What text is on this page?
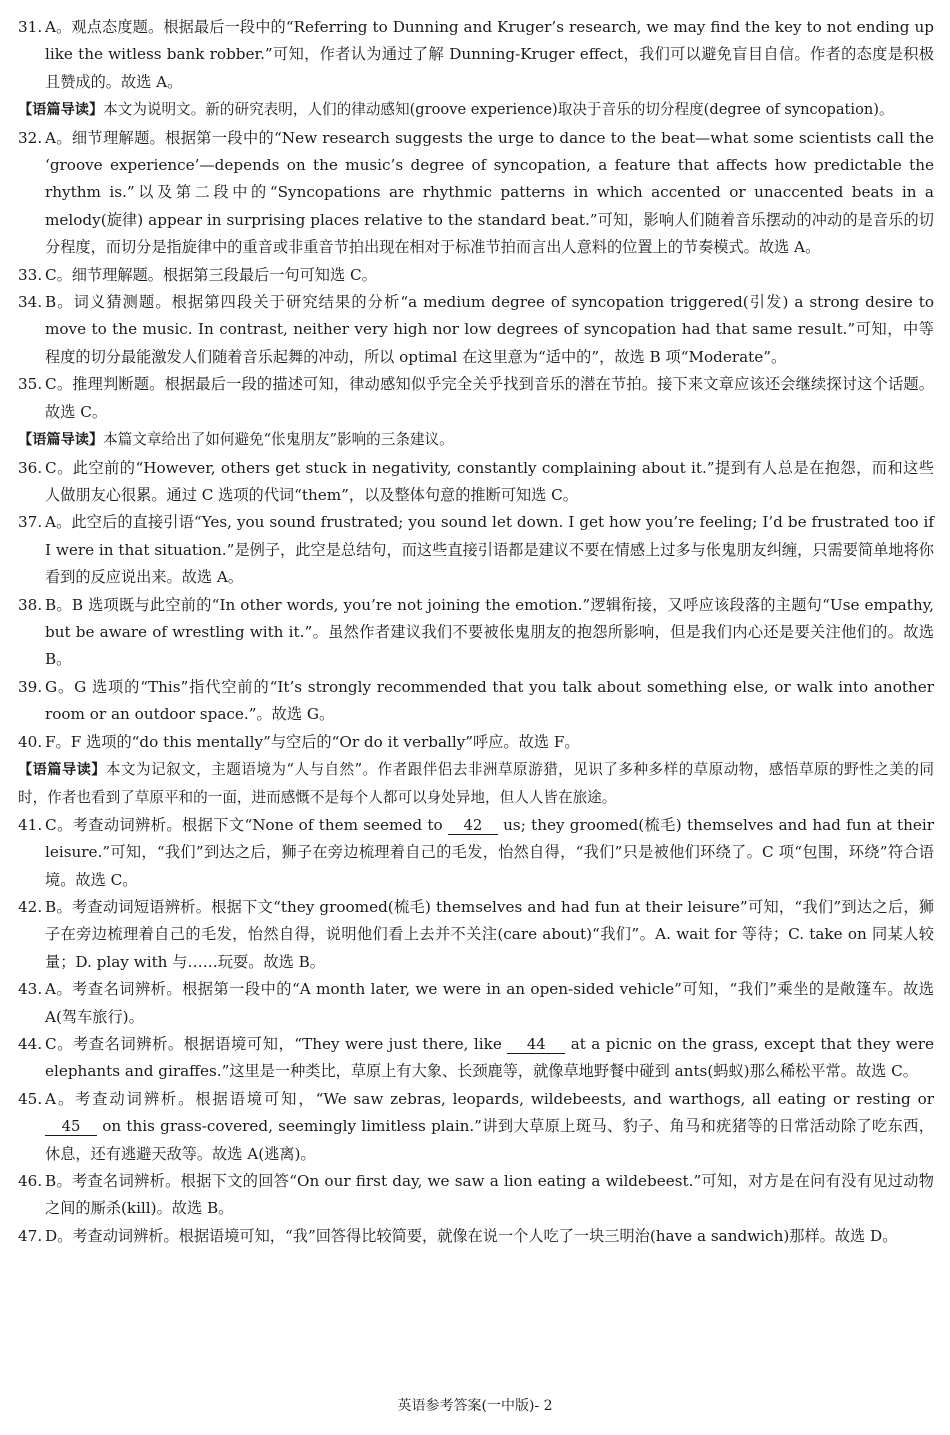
31. A。观点态度题。根据最后一段中的“Referring to Dunning and Kruger’s research, we may find the key to not ending up like the witless bank robber.”可知，作者认为通过了解 Dunning-Kruger effect，我们可以避免盲目自信。作者的态度是积极且赞成的。故选 A。
【语篇导读】本文为说明文。新的研究表明，人们的律动感知(groove experience)取决于音乐的切分程度(degree of syncopation)。
32. A。细节理解题。根据第一段中的“New research suggests the urge to dance to the beat—what some scientists call the ‘groove experience’—depends on the music’s degree of syncopation, a feature that affects how predictable the rhythm is.”以及第二段中的“Syncopations are rhythmic patterns in which accented or unaccented beats in a melody(旋律) appear in surprising places relative to the standard beat.”可知，影响人们随着音乐摆动的冲动的是音乐的切分程度，而切分是指旋律中的重音或非重音节拍出现在相对于标准节拍而言出人意料的位置上的节奏模式。故选 A。
33. C。细节理解题。根据第三段最后一句可知选 C。
34. B。词义猜测题。根据第四段关于研究结果的分析“a medium degree of syncopation triggered(引发) a strong desire to move to the music. In contrast, neither very high nor low degrees of syncopation had that same result.”可知，中等程度的切分最能激发人们随着音乐起舞的冲动，所以 optimal 在这里意为“适中的”，故选 B 项“Moderate”。
35. C。推理判断题。根据最后一段的描述可知，律动感知似乎完全关乎找到音乐的潜在节拍。接下来文章应该还会继续探讨这个话题。故选 C。
【语篇导读】本篇文章给出了如何避免“伥鬼朋友”影响的三条建议。
36. C。此空前的“However, others get stuck in negativity, constantly complaining about it.”提到有人总是在抱怨，而和这些人做朋友心很累。通过 C 选项的代词“them”，以及整体句意的推断可知选 C。
37. A。此空后的直接引语“Yes, you sound frustrated; you sound let down. I get how you’re feeling; I’d be frustrated too if I were in that situation.”是例子，此空是总结句，而这些直接引语都是建议不要在情感上过多与伥鬼朋友纠缠，只需要简单地将你看到的反应说出来。故选 A。
38. B。B 选项既与此空前的“In other words, you’re not joining the emotion.”逻辑衔接，又呼应该段落的主题句“Use empathy, but be aware of wrestling with it.”。虽然作者建议我们不要被伥鬼朋友的抱怨所影响，但是我们内心还是要关注他们的。故选 B。
39. G。G 选项的“This”指代空前的“It’s strongly recommended that you talk about something else, or walk into another room or an outdoor space.”。故选 G。
40. F。F 选项的“do this mentally”与空后的“Or do it verbally”呼应。故选 F。
【语篇导读】本文为记叙文，主题语境为“人与自然”。作者跟伴侣去非洲草原游猎，见识了多种多样的草原动物，感悟草原的野性之美的同时，作者也看到了草原平和的一面，进而感慨不是每个人都可以身处异地，但人人皆在旅途。
41. C。考查动词辨析。根据下文“None of them seemed to 42 us; they groomed(梳毛) themselves and had fun at their leisure.”可知，“我们”到达之后，狮子在旁边梳理着自己的毛发，怡然自得，“我们”只是被他们环绕了。C 项“包围，环绕”符合语境。故选 C。
42. B。考查动词短语辨析。根据下文“they groomed(梳毛) themselves and had fun at their leisure”可知，“我们”到达之后，狮子在旁边梳理着自己的毛发，怡然自得，说明他们看上去并不关注(care about)“我们”。A. wait for 等待；C. take on 同某人较量；D. play with 与……玩耍。故选 B。
43. A。考查名词辨析。根据第一段中的“A month later, we were in an open-sided vehicle”可知，“我们”乘坐的是敞篷车。故选 A(驾车旅行)。
44. C。考查名词辨析。根据语境可知，“They were just there, like 44 at a picnic on the grass, except that they were elephants and giraffes.”这里是一种类比，草原上有大象、长颈鹿等，就像草地野餐中碰到 ants(蚂蚁)那么稀松平常。故选 C。
45. A。考查动词辨析。根据语境可知，“We saw zebras, leopards, wildebeests, and warthogs, all eating or resting or 45 on this grass-covered, seemingly limitless plain.”讲到大草原上斑马、豹子、角马和疣猪等的日常活动除了吃东西，休息，还有逃避天敌等。故选 A(逃离)。
46. B。考查名词辨析。根据下文的回答“On our first day, we saw a lion eating a wildebeest.”可知，对方是在问有没有见过动物之间的厮杀(kill)。故选 B。
47. D。考查动词辨析。根据语境可知，“我”回答得比较简要，就像在说一个人吃了一块三明治(have a sandwich)那样。故选 D。
英语参考答案(一中版)- 2
